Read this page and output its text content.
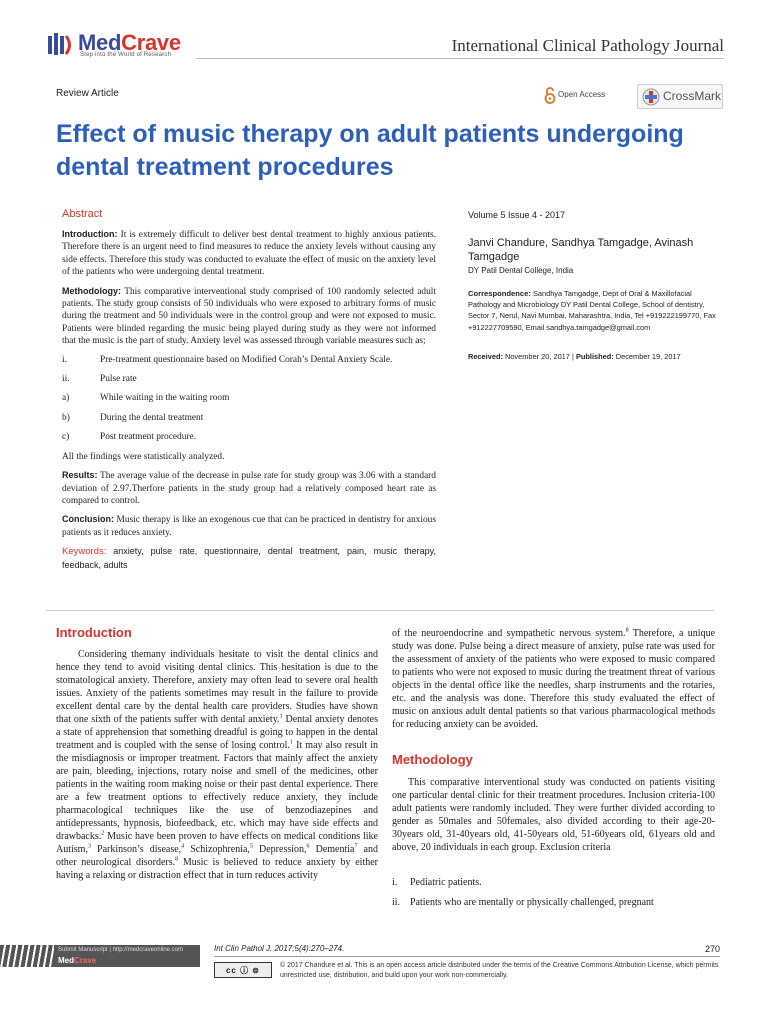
MedCrave
Step into the World of Research	International Clinical Pathology Journal
Review Article	Open Access	CrossMark
Effect of music therapy on adult patients undergoing dental treatment procedures
Abstract

Introduction: It is extremely difficult to deliver best dental treatment to highly anxious patients. Therefore there is an urgent need to find measures to reduce the anxiety levels without causing any side effects. Therefore this study was conducted to evaluate the effect of music on the anxiety level of the patients who were undergoing dental treatment.

Methodology: This comparative interventional study comprised of 100 randomly selected adult patients. The study group consists of 50 individuals who were exposed to arbitrary forms of music during the treatment and 50 individuals were in the control group and were not exposed to music. Patients were blinded regarding the music being played during study as they were not informed that the music is the part of study. Anxiety level was assessed through variable measures such as;

i.	Pre-treatment questionnaire based on Modified Corah’s Dental Anxiety Scale.
ii.	Pulse rate
a)	While waiting in the waiting room
b)	During the dental treatment
c)	Post treatment procedure.

All the findings were statistically analyzed.

Results: The average value of the decrease in pulse rate for study group was 3.06 with a standard deviation of 2.97.Therfore patients in the study group had a relatively composed heart rate as compared to control.

Conclusion: Music therapy is like an exogenous cue that can be practiced in dentistry for anxious patients as it reduces anxiety.

Keywords: anxiety, pulse rate, questionnaire, dental treatment, pain, music therapy, feedback, adults

Volume 5 Issue 4 - 2017
Janvi Chandure, Sandhya Tamgadge, Avinash Tamgadge
DY Patil Dental College, India
Correspondence: Sandhya Tamgadge, Dept of Oral & Maxillofacial Pathology and Microbiology DY Patil Dental College, School of dentistry, Sector 7, Nerul, Navi Mumbai, Maharashtra, India, Tel +919222199770, Fax +912227709590, Email sandhya.tamgadge@gmail.com
Received: November 20, 2017 | Published: December 19, 2017
Introduction
Considering themany individuals hesitate to visit the dental clinics and hence they tend to avoid visiting dental clinics. This hesitation is due to the stomatological anxiety. Therefore, anxiety may often lead to severe oral health issues. Anxiety of the patients sometimes may result in the failure to provide excellent dental care by the dental health care providers. Studies have shown that one sixth of the patients suffer with dental anxiety.$^1$ Dental anxiety denotes a state of apprehension that something dreadful is going to happen in the dental treatment and is coupled with the sense of losing control.$^1$ It may also result in the misdiagnosis or improper treatment. Factors that mainly affect the anxiety are pain, bleeding, injections, rotary noise and smell of the medicines, other patients in the waiting room making noise or their past dental experience. There are a few treatment options to effectively reduce anxiety, they include pharmacological techniques like the use of benzodiazepines and antidepressants, hypnosis, biofeedback, etc. which may have side effects and drawbacks.$^2$ Music have been proven to have effects on medical conditions like Autism,$^3$ Parkinson’s disease,$^4$ Schizophrenia,$^5$ Depression,$^6$ Dementia$^7$ and other neurological disorders.$^8$ Music is believed to reduce anxiety by either having a relaxing or distraction effect that in turn reduces activity
of the neuroendocrine and sympathetic nervous system.$^8$ Therefore, a unique study was done. Pulse being a direct measure of anxiety, pulse rate was used for the assessment of anxiety of the patients who were exposed to music compared to patients who were not exposed to music during the treatment threat of various objects in the dental office like the needles, sharp instruments and the rotaries, etc. and the analysis was done. Therefore this study evaluated the effect of music on anxious adult dental patients so that various pharmacological methods for reducing anxiety can be avoided.
Methodology
This comparative interventional study was conducted on patients visiting one particular dental clinic for their treatment procedures. Inclusion criteria-100 adult patients were randomly included. They were further divided according to gender as 50males and 50females, also divided according to their age-20-30years old, 31-40years old, 41-50years old, 51-60years old, 61years old and above, 20 individuals in each group. Exclusion criteria
i.	Pediatric patients.
ii. Patients who are mentally or physically challenged, pregnant
Submit Manuscript | http://medcraveonline.com
MedCrave
Int Clin Pathol J. 2017;5(4):270‒274.	270
cc ⓘ ⊜
© 2017 Chandure et al. This is an open access article distributed under the terms of the Creative Commons Attribution License, which permits unrestricted use, distribution, and build upon your work non-commercially.
